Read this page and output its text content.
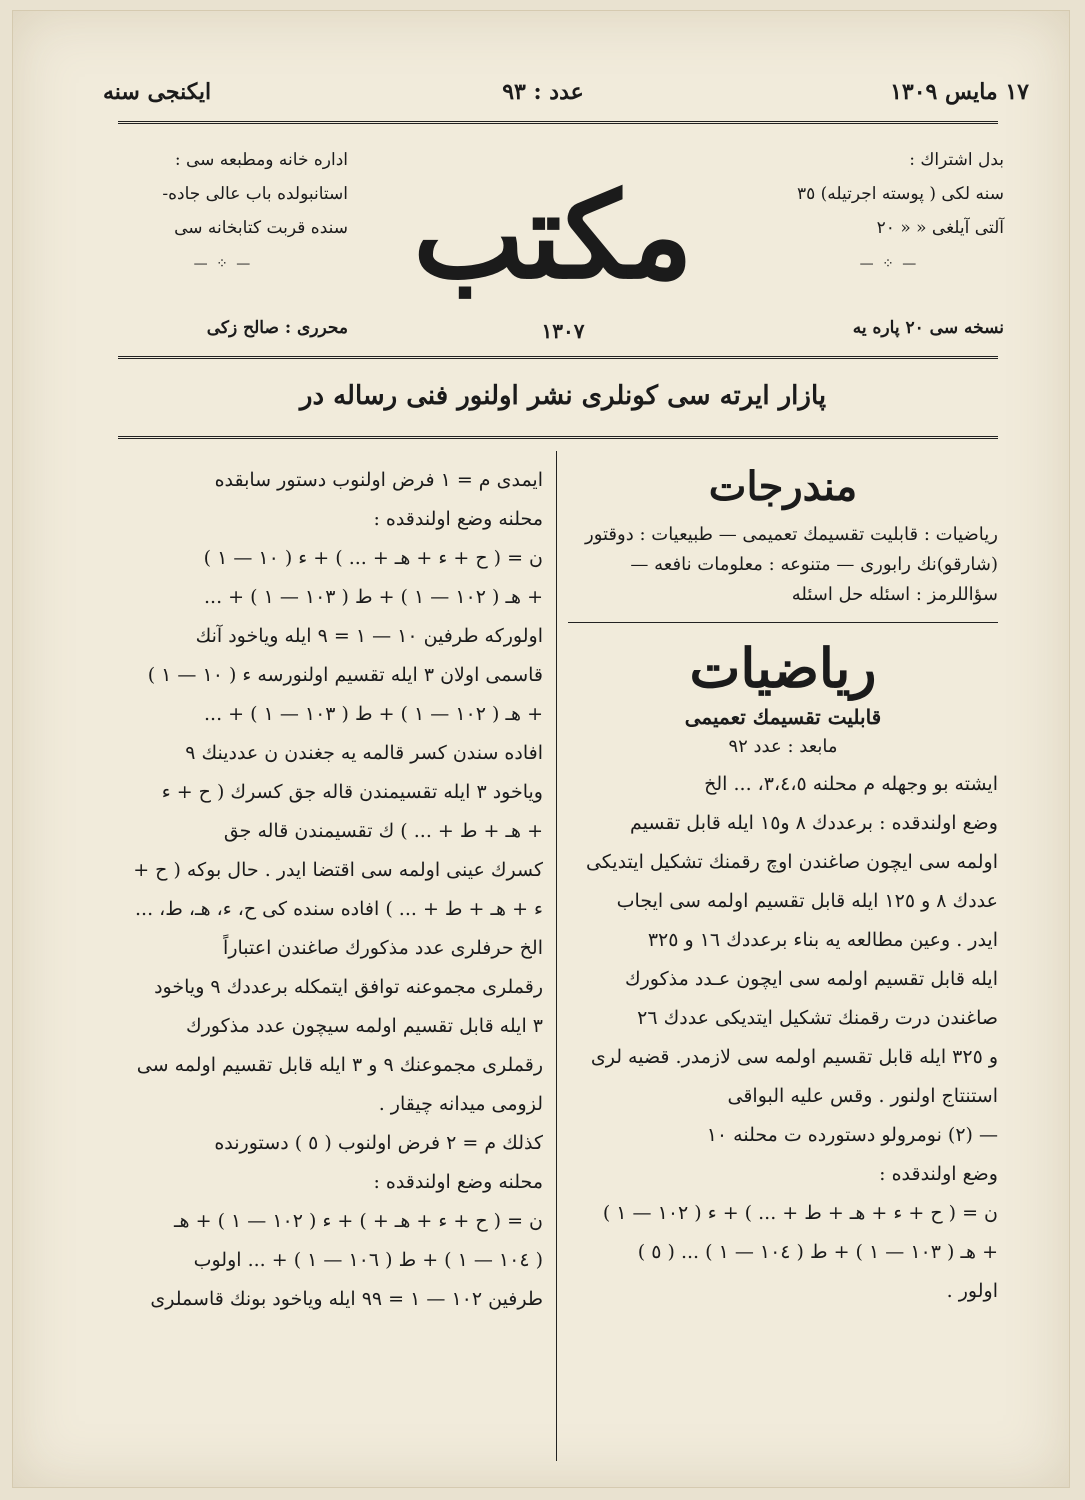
١٧ مايس ١٣٠٩
عدد : ٩٣
ايكنجى سنه
بدل اشتراك :
سنه لكى ( پوسته اجرتيله) ٣٥
آلتى آيلغى « « ٢٠
— ⁘ —
نسخه سى ٢٠ پاره يه
اداره خانه ومطبعه سى :
استانبولده باب عالى جاده-
سنده قربت كتابخانه سى
— ⁘ —
محررى : صالح زكى
مكتب
١٣٠٧
پازار ايرته سى كونلرى نشر اولنور فنى رساله در
مندرجات

رياضيات : قابليت تقسيمك تعميمى — طبيعيات : دوقتور

(شارقو)نك رابورى — متنوعه : معلومات نافعه —

سؤاللرمز : اسئله حل اسئله

رياضيات
قابليت تقسيمك تعميمى

مابعد : عدد ٩٢

ايشته بو وجهله م محلنه ٣،٤،٥، ... الخ

وضع اولندقده : برعددك ٨ و١٥ ايله قابل تقسيم

اولمه سى ايچون صاغندن اوچ رقمنك تشكيل ايتديكى

عددك ٨ و ١٢٥ ايله قابل تقسيم اولمه سى ايجاب

ايدر . وعين مطالعه يه بناء برعددك ١٦ و ٣٢٥

ايله قابل تقسيم اولمه سى ايچون عـدد مذكورك

صاغندن درت رقمنك تشكيل ايتديكى عددك ٢٦

و ٣٢٥ ايله قابل تقسيم اولمه سى لازمدر. قضيه لرى

استنتاج اولنور . وقس عليه البواقى

— (٢) نومرولو دستورده ت محلنه ١٠

وضع اولندقده :

ن = ( ح + ء + هـ + ط + ... ) + ء ( ١٠٢ — ١ )

+ هـ ( ١٠٣ — ١ ) + ط ( ١٠٤ — ١ ) ... ( ٥ )

اولور .

ايمدى م = ١ فرض اولنوب دستور سابقده

محلنه وضع اولندقده :

ن = ( ح + ء + هـ + ... ) + ء ( ١٠ — ١ )

+ هـ ( ١٠٢ — ١ ) + ط ( ١٠٣ — ١ ) + ...

اولوركه طرفين ١٠ — ١ = ٩ ايله وياخود آنك

قاسمى اولان ٣ ايله تقسيم اولنورسه ء ( ١٠ — ١ )

+ هـ ( ١٠٢ — ١ ) + ط ( ١٠٣ — ١ ) + ...

افاده سندن كسر قالمه يه جغندن ن عددينك ٩

وياخود ٣ ايله تقسيمندن قاله جق كسرك ( ح + ء

+ هـ + ط + ... ) ك تقسيمندن قاله جق

كسرك عينى اولمه سى اقتضا ايدر . حال بوكه ( ح +

ء + هـ + ط + ... ) افاده سنده كى ح، ء، هـ، ط، ...

الخ حرفلرى عدد مذكورك صاغندن اعتباراً

رقملرى مجموعنه توافق ايتمكله برعددك ٩ وياخود

٣ ايله قابل تقسيم اولمه سيچون عدد مذكورك

رقملرى مجموعنك ٩ و ٣ ايله قابل تقسيم اولمه سى

لزومى ميدانه چيقار .

كذلك م = ٢ فرض اولنوب ( ٥ ) دستورنده

محلنه وضع اولندقده :

ن = ( ح + ء + هـ + ) + ء ( ١٠٢ — ١ ) + هـ

( ١٠٤ — ١ ) + ط ( ١٠٦ — ١ ) + ... اولوب

طرفين ١٠٢ — ١ = ٩٩ ايله وياخود بونك قاسملرى
